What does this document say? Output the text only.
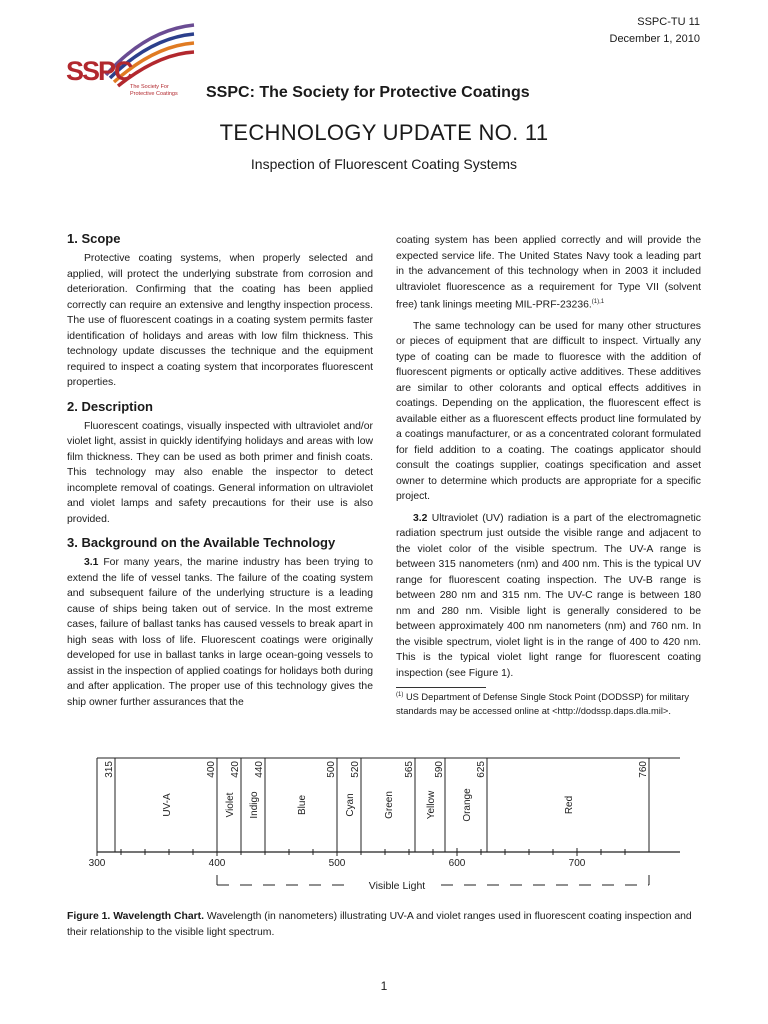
SSPC-TU 11
December 1, 2010
SSPC
The Society For
Protective Coatings SSPC: The Society for Protective Coatings
TECHNOLOGY UPDATE NO. 11
Inspection of Fluorescent Coating Systems
1. Scope

Protective coating systems, when properly selected and applied, will protect the underlying substrate from corrosion and deterioration. Confirming that the coating has been applied correctly can require an extensive and lengthy inspection process. The use of fluorescent coatings in a coating system permits faster identification of holidays and areas with low film thickness. This technology update discusses the technique and the equipment required to inspect a coating system that incorporates fluorescent properties.

2. Description

Fluorescent coatings, visually inspected with ultraviolet and/or violet light, assist in quickly identifying holidays and areas with low film thickness. They can be used as both primer and finish coats. This technology may also enable the inspector to detect incomplete removal of coatings. General information on ultraviolet and violet lamps and safety precautions for their use is also provided.

3. Background on the Available Technology

3.1 For many years, the marine industry has been trying to extend the life of vessel tanks. The failure of the coating system and subsequent failure of the underlying structure is a leading cause of ships being taken out of service. In the most extreme cases, failure of ballast tanks has caused vessels to break apart in high seas with loss of life. Fluorescent coatings were originally developed for use in ballast tanks in large ocean-going vessels to assist in the inspection of applied coatings for holidays both during and after application. The proper use of this technology gives the ship owner further assurances that the

coating system has been applied correctly and will provide the expected service life. The United States Navy took a leading part in the advancement of this technology when in 2003 it included ultraviolet fluorescence as a requirement for Type VII (solvent free) tank linings meeting MIL-PRF-23236.$^{(1),1}$

The same technology can be used for many other structures or pieces of equipment that are difficult to inspect. Virtually any type of coating can be made to fluoresce with the addition of fluorescent pigments or optically active additives. These additives are similar to other colorants and optical effects additives in coatings. Depending on the application, the fluorescent effect is available either as a fluorescent effects product line formulated by a coatings manufacturer, or as a concentrated colorant formulated for field addition to a coating. The coatings applicator should consult the coatings supplier, coatings specification and asset owner to determine which products are appropriate for a specific project.

3.2 Ultraviolet (UV) radiation is a part of the electromagnetic radiation spectrum just outside the visible range and adjacent to the violet color of the visible spectrum. The UV-A range is between 315 nanometers (nm) and 400 nm. This is the typical UV range for fluorescent coating inspection. The UV-B range is between 280 nm and 315 nm. The UV-C range is between 180 nm and 280 nm. Visible light is generally considered to be between approximately 400 nm nanometers (nm) and 760 nm. In the visible spectrum, violet light is in the range of 400 to 420 nm. This is the typical violet light range for fluorescent coating inspection (see Figure 1).

$^{(1)}$ US Department of Defense Single Stock Point (DODSSP) for military standards may be accessed online at <http://dodssp.daps.dla.mil>.
315	400 420 440	500 520	565 590	625	760
UV-A	Violet Indigo	Blue	Cyan	Green	Yellow	Orange	Red
300	400	500	600	700
Visible Light
Figure 1. Wavelength Chart. Wavelength (in nanometers) illustrating UV-A and violet ranges used in fluorescent coating inspection and their relationship to the visible light spectrum.
1
